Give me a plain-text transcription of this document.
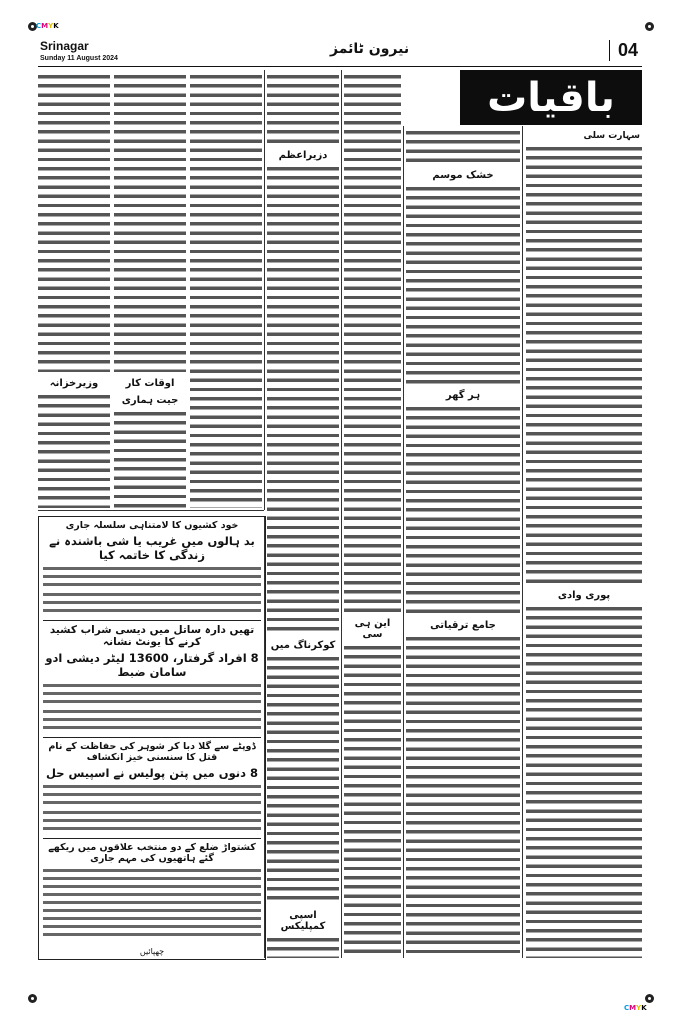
CMYK
CMYK
Srinagar
Sunday 11 August 2024
نیرون ٹائمز	04
باقیات
سہارت سلی
پوری وادی
خشک موسم
ہر گھر
جامع ترقیاتی
این ہی سی
دزیراعظم
کوکرناگ میں
اسپی کمپلیکس
اوقات کار
جیت ہماری
وزیرخزانہ
خود کشیوں کا لامتناہی سلسلہ جاری
بد ہالوں میں غریب یا شی باشندہ نے زندگی کا خاتمہ کیا
تھیں دارہ ساتل میں دیسی شراب کشید کرنے کا یونٹ نشانہ
8 افراد گرفتار، 13600 لیٹر دیشی ادو سامان ضبط
ڈوپٹے سے گلا دبا کر شوہر کی حفاظت کے نام قتل کا سنسنی خیز انکشاف
8 دنوں میں پتن پولیس نے اسپیس حل
کشتواڑ ضلع کے دو منتخب علاقوں میں ریکھے گئے ہاتھیوں کی مہم جاری
چھپائیں
